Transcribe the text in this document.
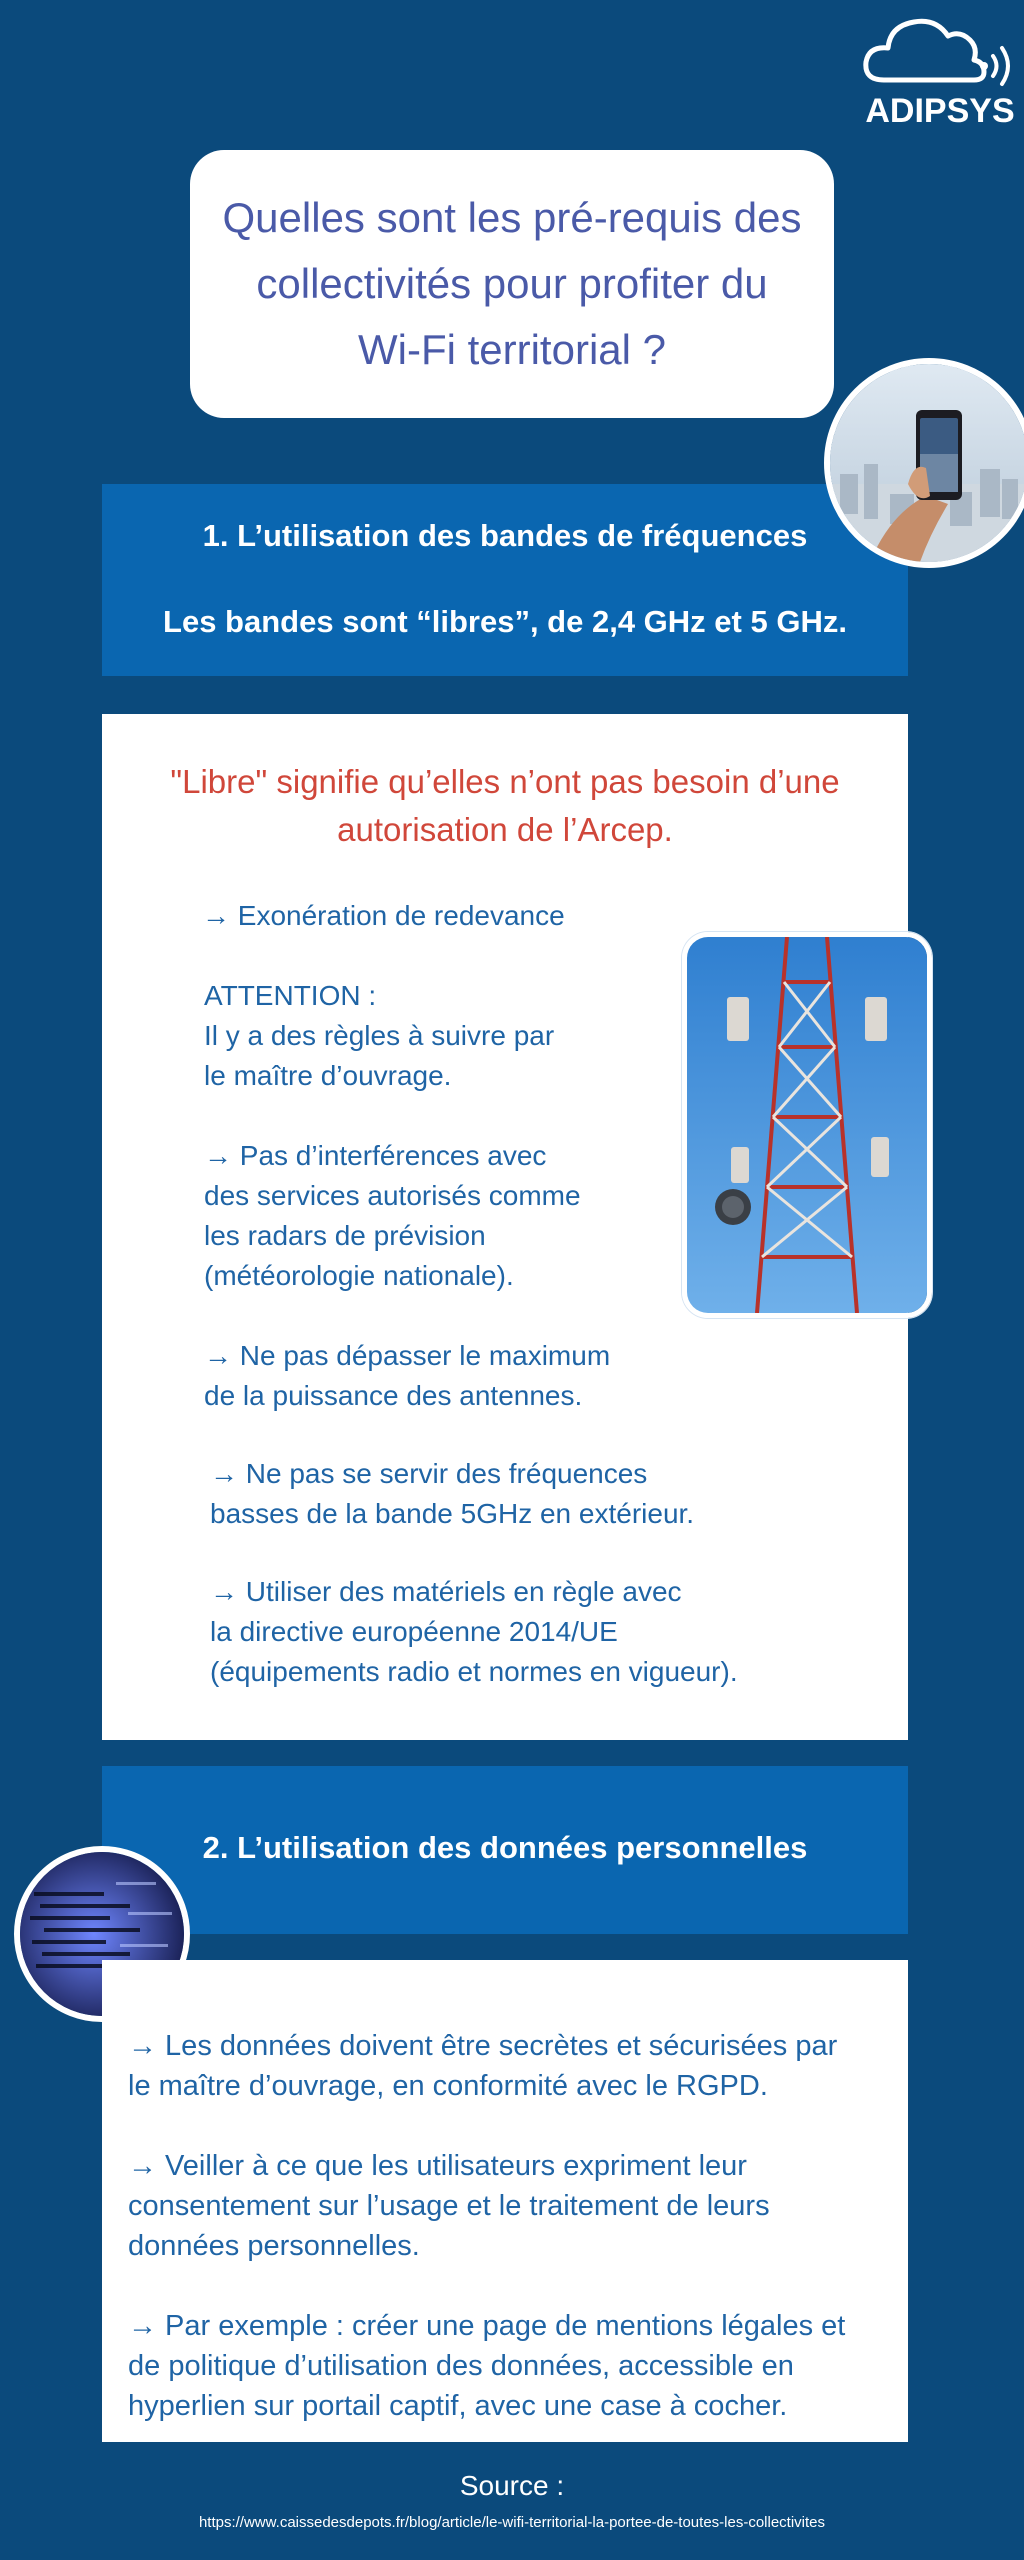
ADIPSYS
Quelles sont les pré-requis des collectivités pour profiter du Wi-Fi territorial ?
1. L’utilisation des bandes de fréquences
Les bandes sont “libres”, de 2,4 GHz et 5 GHz.
"Libre" signifie qu’elles n’ont pas besoin d’une autorisation de l’Arcep.
→ Exonération de redevance
ATTENTION :
Il y a des règles à suivre par
le maître d’ouvrage.
→ Pas d’interférences avec
des services autorisés comme
les radars de prévision
(météorologie nationale).
→ Ne pas dépasser le maximum
de la puissance des antennes.
→ Ne pas se servir des fréquences
basses de la bande 5GHz en extérieur.
→ Utiliser des matériels en règle avec
la directive européenne 2014/UE
(équipements radio et normes en vigueur).
2. L’utilisation des données personnelles
→ Les données doivent être secrètes et sécurisées par
le maître d’ouvrage, en conformité avec le RGPD.
→ Veiller à ce que les utilisateurs expriment leur
consentement sur l’usage et le traitement de leurs
données personnelles.
→ Par exemple : créer une page de mentions légales et
de politique d’utilisation des données, accessible en
hyperlien sur portail captif, avec une case à cocher.
Source :
https://www.caissedesdepots.fr/blog/article/le-wifi-territorial-la-portee-de-toutes-les-collectivites
